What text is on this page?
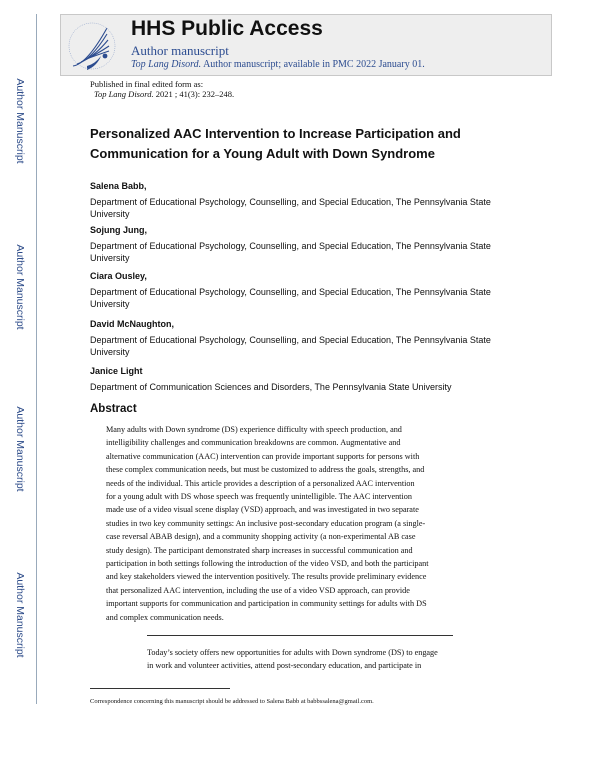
Author Manuscript
Author Manuscript
Author Manuscript
Author Manuscript
HHS Public Access
Author manuscript
Top Lang Disord. Author manuscript; available in PMC 2022 January 01.
Published in final edited form as:
Top Lang Disord. 2021 ; 41(3): 232–248.
Personalized AAC Intervention to Increase Participation and Communication for a Young Adult with Down Syndrome
Salena Babb,
Department of Educational Psychology, Counselling, and Special Education, The Pennsylvania State University
Sojung Jung,
Department of Educational Psychology, Counselling, and Special Education, The Pennsylvania State University
Ciara Ousley,
Department of Educational Psychology, Counselling, and Special Education, The Pennsylvania State University
David McNaughton,
Department of Educational Psychology, Counselling, and Special Education, The Pennsylvania State University
Janice Light
Department of Communication Sciences and Disorders, The Pennsylvania State University
Abstract
Many adults with Down syndrome (DS) experience difficulty with speech production, and
intelligibility challenges and communication breakdowns are common. Augmentative and
alternative communication (AAC) intervention can provide important supports for persons with
these complex communication needs, but must be customized to address the goals, strengths, and
needs of the individual. This article provides a description of a personalized AAC intervention
for a young adult with DS whose speech was frequently unintelligible. The AAC intervention
made use of a video visual scene display (VSD) approach, and was investigated in two separate
studies in two key community settings: An inclusive post-secondary education program (a single-
case reversal ABAB design), and a community shopping activity (a non-experimental AB case
study design). The participant demonstrated sharp increases in successful communication and
participation in both settings following the introduction of the video VSD, and both the participant
and key stakeholders viewed the intervention positively. The results provide preliminary evidence
that personalized AAC intervention, including the use of a video VSD approach, can provide
important supports for communication and participation in community settings for adults with DS
and complex communication needs.
Today’s society offers new opportunities for adults with Down syndrome (DS) to engage
in work and volunteer activities, attend post-secondary education, and participate in
Correspondence concerning this manuscript should be addressed to Salena Babb at babbssalena@gmail.com.
